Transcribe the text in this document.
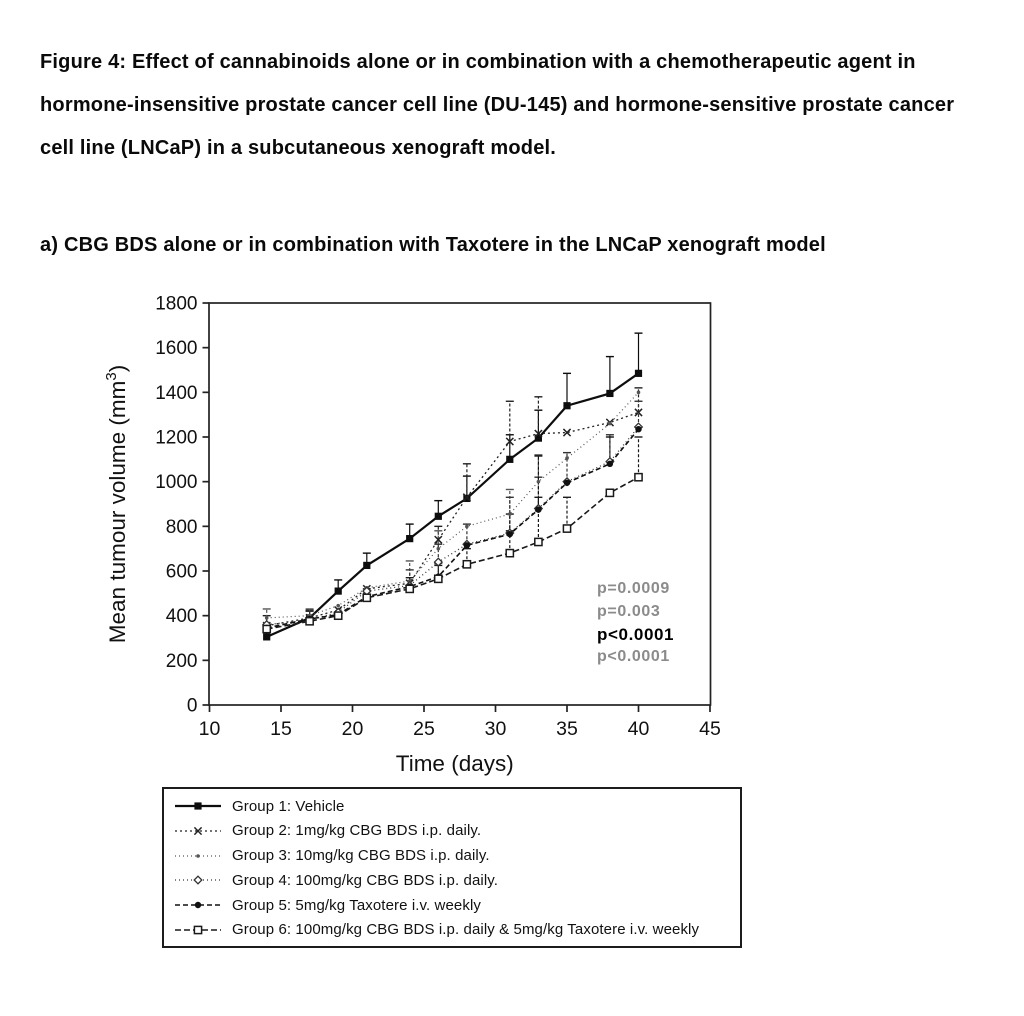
Figure 4: Effect of cannabinoids alone or in combination with a chemotherapeutic agent in hormone-insensitive prostate cancer cell line (DU-145) and hormone-sensitive prostate cancer cell line (LNCaP) in a subcutaneous xenograft model.
a) CBG BDS alone or in combination with Taxotere in the LNCaP xenograft model
0
200
400
600
800
1000
1200
1400
1600
1800
10	15	20	25	30	35	40	45
Time (days)
Mean tumour volume $(mm^3)$
p=0.0009
p=0.003
p<0.0001
p<0.0001
Group 1: Vehicle
Group 2: 1mg/kg CBG BDS i.p. daily.
Group 3: 10mg/kg CBG BDS i.p. daily.
Group 4: 100mg/kg CBG BDS i.p. daily.
Group 5: 5mg/kg Taxotere i.v. weekly
Group 6: 100mg/kg CBG BDS i.p. daily & 5mg/kg Taxotere i.v. weekly
